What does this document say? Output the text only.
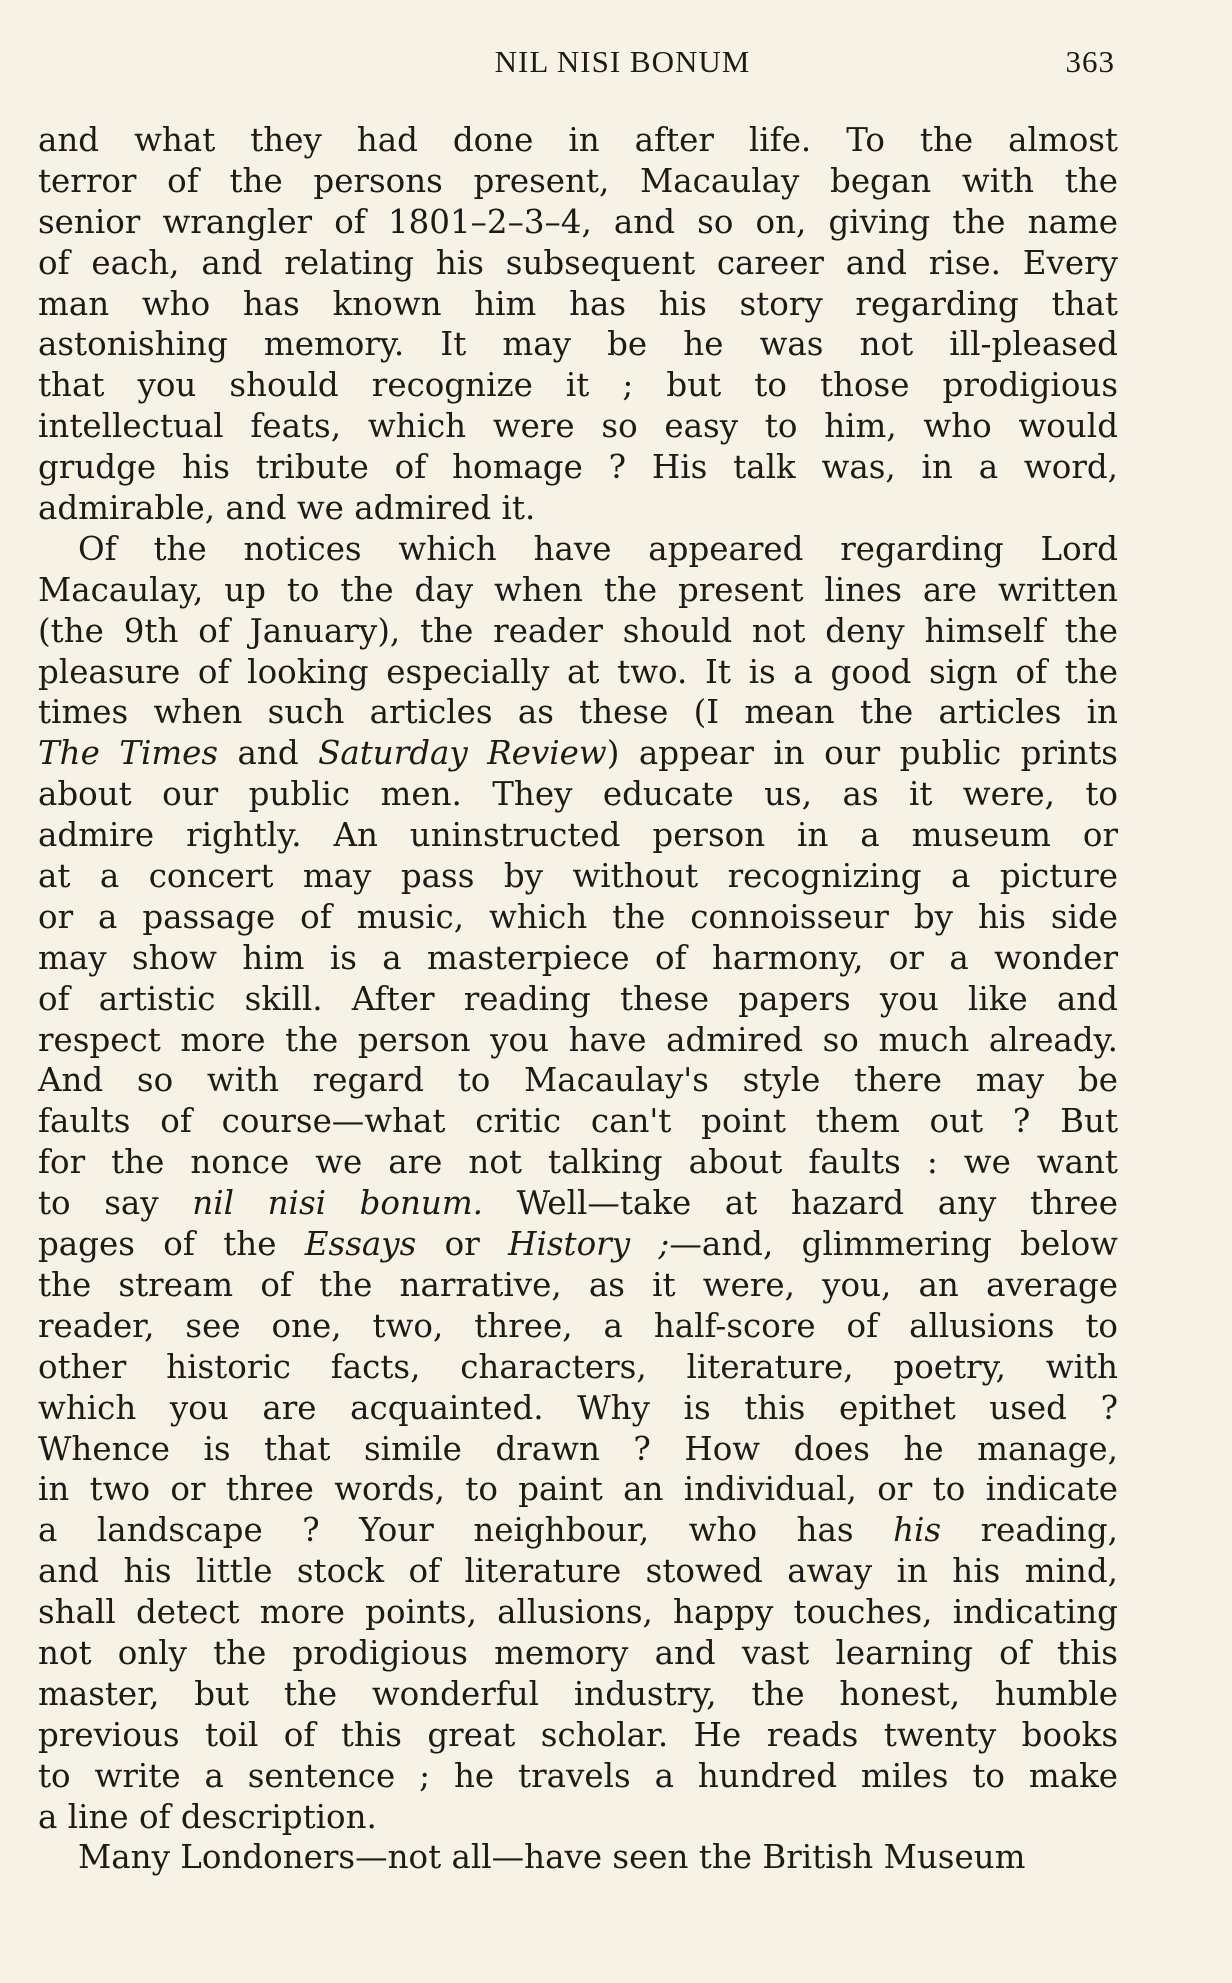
NIL NISI BONUM	363
and what they had done in after life. To the almost
terror of the persons present, Macaulay began with the
senior wrangler of 1801–2–3–4, and so on, giving the name
of each, and relating his subsequent career and rise. Every
man who has known him has his story regarding that
astonishing memory. It may be he was not ill-pleased
that you should recognize it ; but to those prodigious
intellectual feats, which were so easy to him, who would
grudge his tribute of homage ? His talk was, in a word,
admirable, and we admired it.
Of the notices which have appeared regarding Lord
Macaulay, up to the day when the present lines are written
(the 9th of January), the reader should not deny himself the
pleasure of looking especially at two. It is a good sign of the
times when such articles as these (I mean the articles in
The Times and Saturday Review) appear in our public prints
about our public men. They educate us, as it were, to
admire rightly. An uninstructed person in a museum or
at a concert may pass by without recognizing a picture
or a passage of music, which the connoisseur by his side
may show him is a masterpiece of harmony, or a wonder
of artistic skill. After reading these papers you like and
respect more the person you have admired so much already.
And so with regard to Macaulay's style there may be
faults of course—what critic can't point them out ? But
for the nonce we are not talking about faults : we want
to say nil nisi bonum. Well—take at hazard any three
pages of the Essays or History ;—and, glimmering below
the stream of the narrative, as it were, you, an average
reader, see one, two, three, a half-score of allusions to
other historic facts, characters, literature, poetry, with
which you are acquainted. Why is this epithet used ?
Whence is that simile drawn ? How does he manage,
in two or three words, to paint an individual, or to indicate
a landscape ? Your neighbour, who has his reading,
and his little stock of literature stowed away in his mind,
shall detect more points, allusions, happy touches, indicating
not only the prodigious memory and vast learning of this
master, but the wonderful industry, the honest, humble
previous toil of this great scholar. He reads twenty books
to write a sentence ; he travels a hundred miles to make
a line of description.
Many Londoners—not all—have seen the British Museum
